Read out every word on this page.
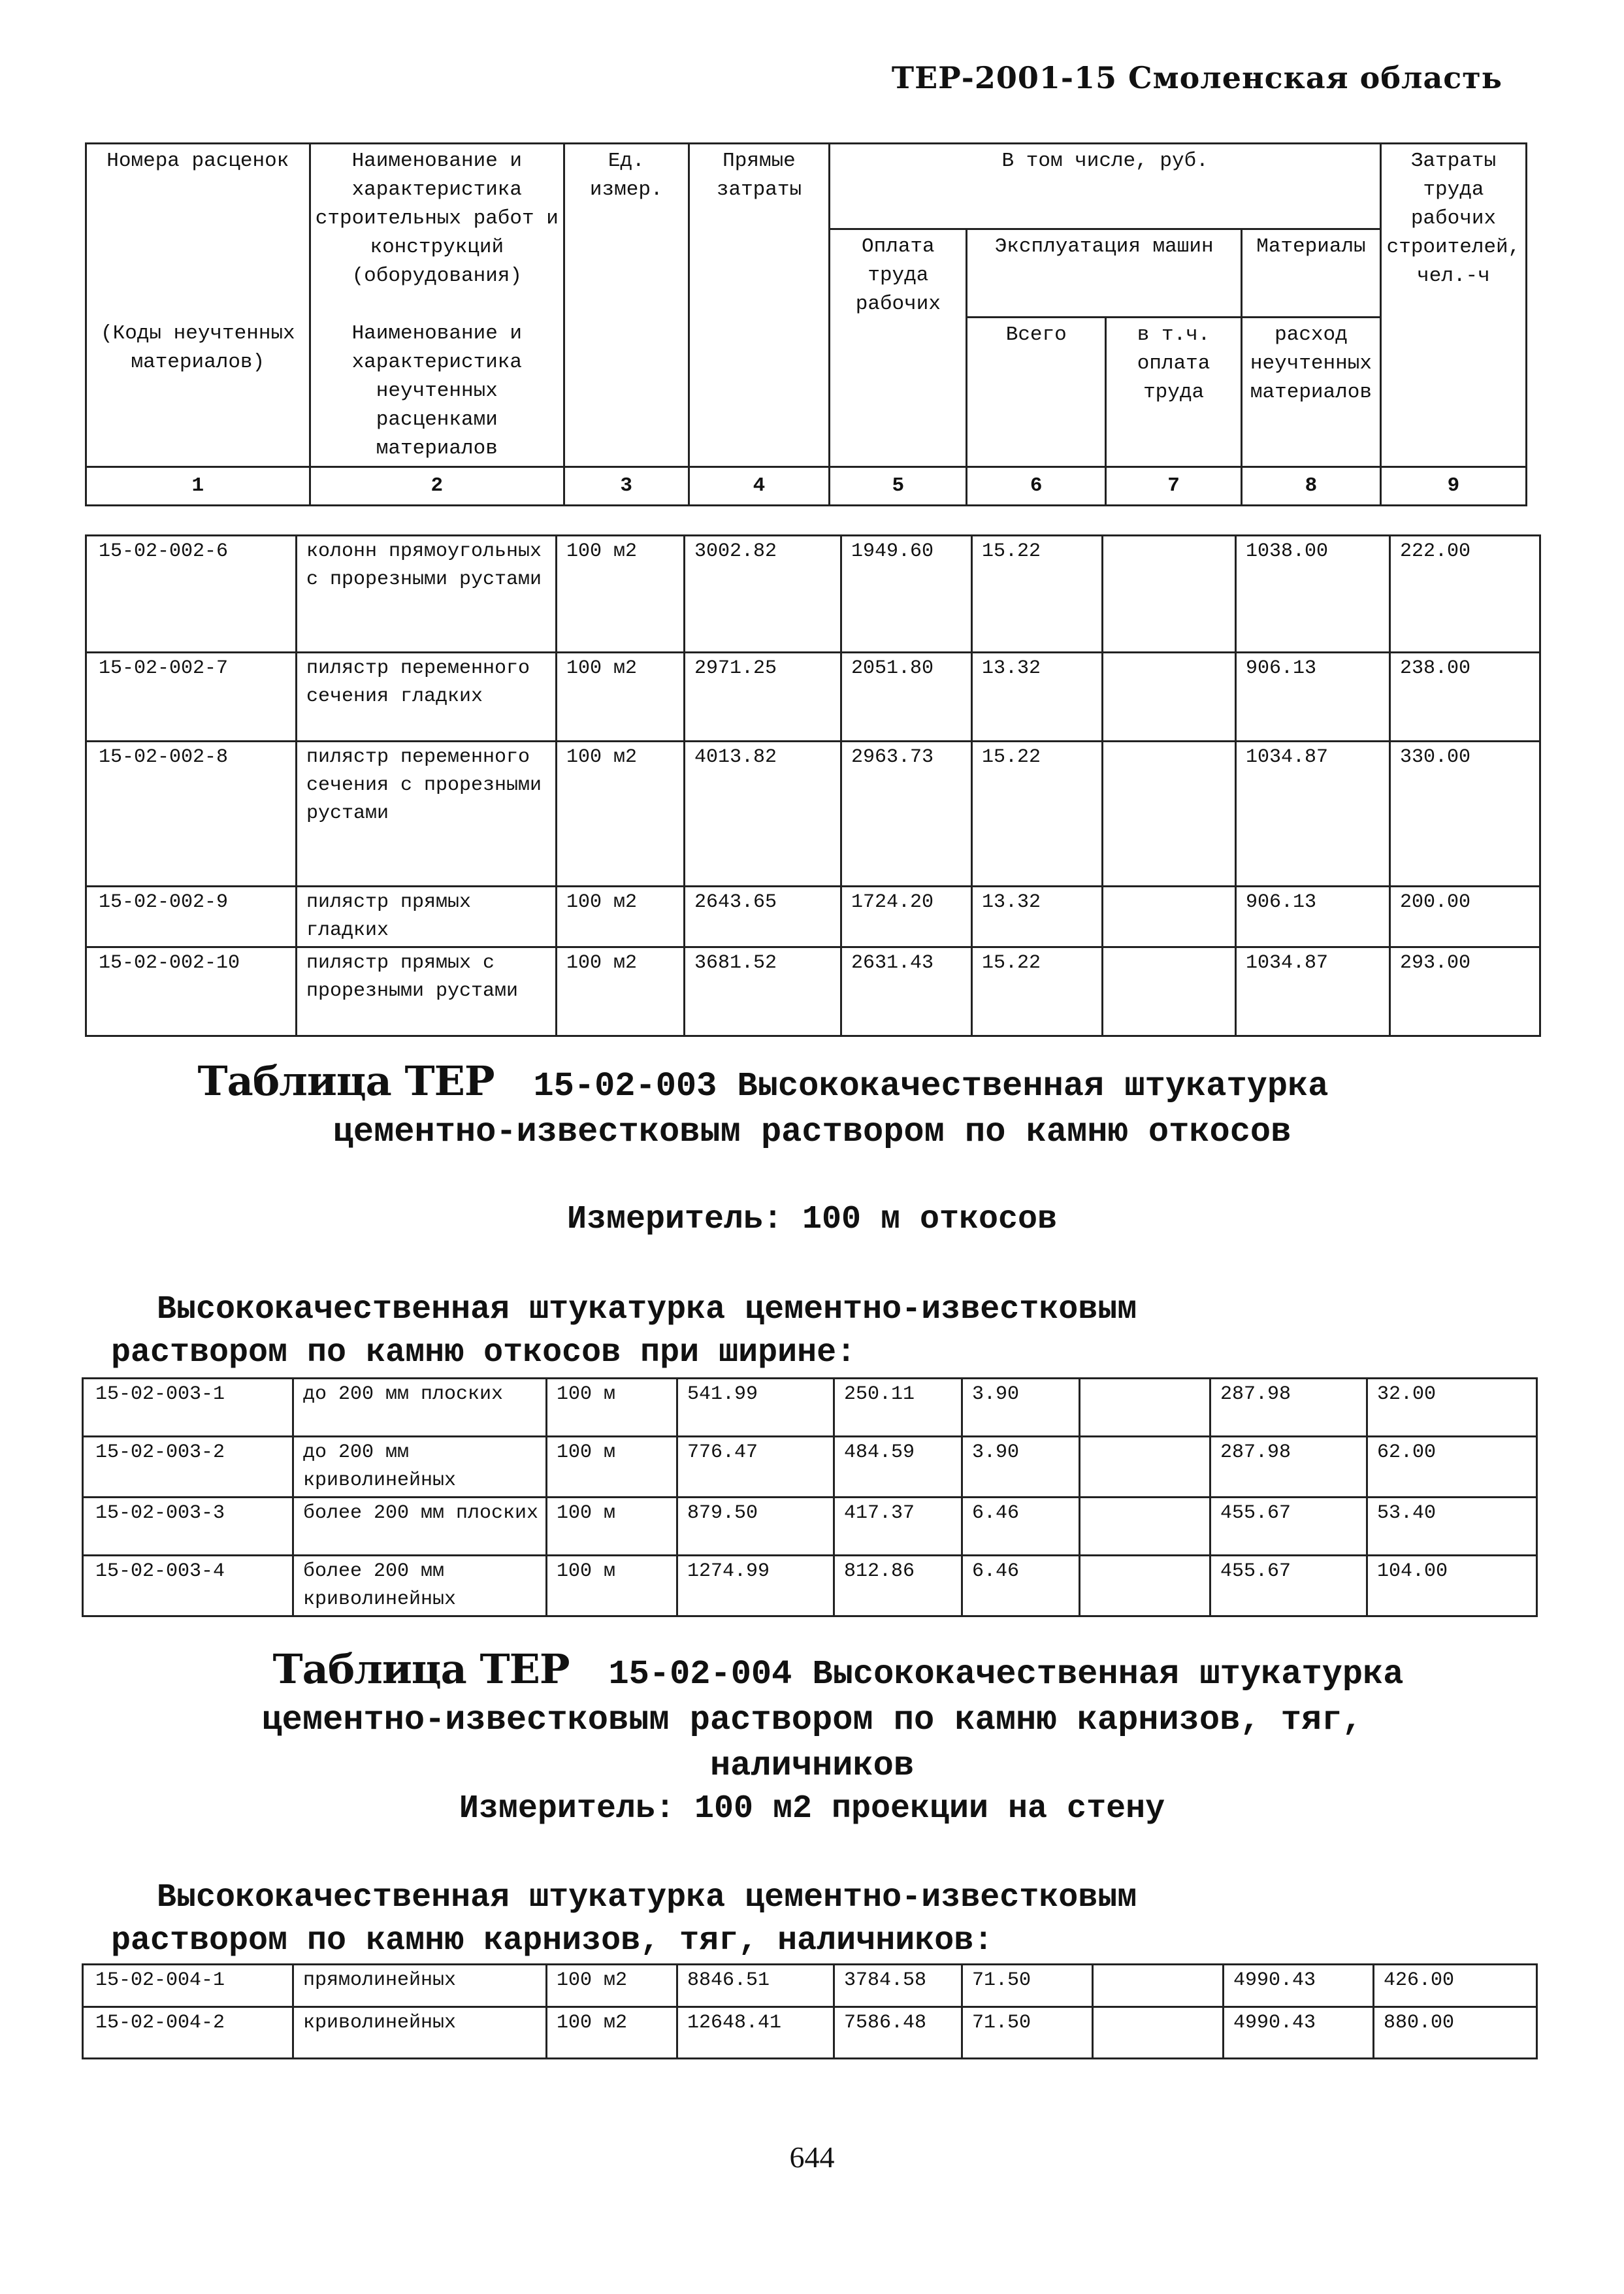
ТЕР-2001-15 Смоленская область
Номера расценок	Наименование и характеристика строительных работ и конструкций (оборудования)	Ед. измер.	Прямые затраты	В том числе, руб.				Затраты труда рабочих строителей, чел.-ч
				Оплата труда рабочих	Эксплуатация машин		Материалы	
(Коды неучтенных материалов)	Наименование и характеристика неучтенных расценками материалов				Всего	в т.ч. оплата труда	расход неучтенных материалов	
1	2	3	4	5	6	7	8	9
15-02-002-6	колонн прямоугольных с прорезными рустами	100 м2	3002.82	1949.60	15.22		1038.00	222.00
15-02-002-7	пилястр переменного сечения гладких	100 м2	2971.25	2051.80	13.32		906.13	238.00
15-02-002-8	пилястр переменного сечения с прорезными рустами	100 м2	4013.82	2963.73	15.22		1034.87	330.00
15-02-002-9	пилястр прямых гладких	100 м2	2643.65	1724.20	13.32		906.13	200.00
15-02-002-10	пилястр прямых с прорезными рустами	100 м2	3681.52	2631.43	15.22		1034.87	293.00
Таблица ТЕР 15-02-003 Высококачественная штукатурка
цементно-известковым раствором по камню откосов
Измеритель: 100 м откосов
Высококачественная штукатурка цементно-известковым
раствором по камню откосов при ширине:
15-02-003-1	до 200 мм плоских	100 м	541.99	250.11	3.90		287.98	32.00
15-02-003-2	до 200 мм криволинейных	100 м	776.47	484.59	3.90		287.98	62.00
15-02-003-3	более 200 мм плоских	100 м	879.50	417.37	6.46		455.67	53.40
15-02-003-4	более 200 мм криволинейных	100 м	1274.99	812.86	6.46		455.67	104.00
Таблица ТЕР 15-02-004 Высококачественная штукатурка
цементно-известковым раствором по камню карнизов, тяг,
наличников
Измеритель: 100 м2 проекции на стену
Высококачественная штукатурка цементно-известковым
раствором по камню карнизов, тяг, наличников:
15-02-004-1	прямолинейных	100 м2	8846.51	3784.58	71.50		4990.43	426.00
15-02-004-2	криволинейных	100 м2	12648.41	7586.48	71.50		4990.43	880.00
644
